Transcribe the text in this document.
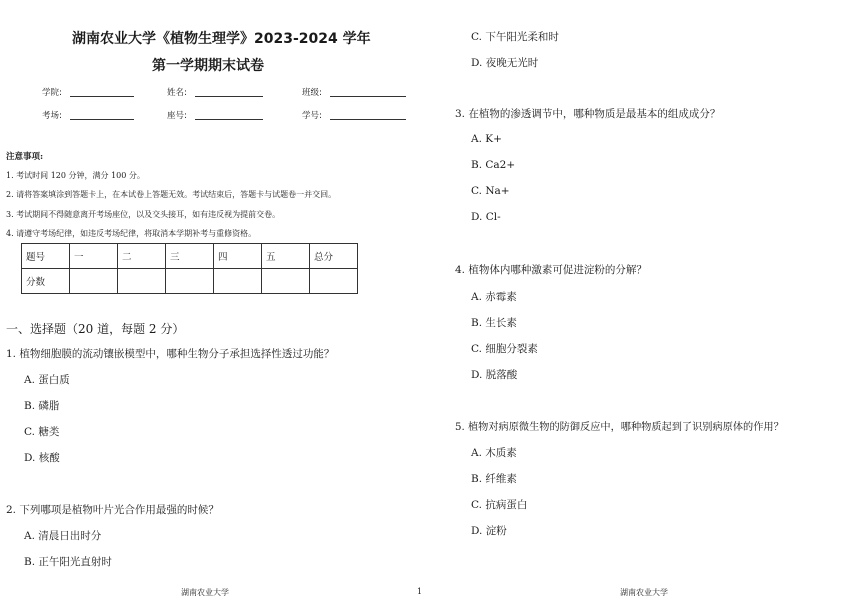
湖南农业大学《植物生理学》2023-2024 学年
第一学期期末试卷
学院:	姓名:	班级:
考场:	座号:	学号:
注意事项:
1. 考试时间 120 分钟，满分 100 分。
2. 请将答案填涂到答题卡上，在本试卷上答题无效。考试结束后，答题卡与试题卷一并交回。
3. 考试期间不得随意离开考场座位，以及交头接耳，如有违反视为提前交卷。
4. 请遵守考场纪律，如违反考场纪律，将取消本学期补考与重修资格。
题号	一	二	三	四	五	总分
分数						
一、选择题（20 道，每题 2 分）
1. 植物细胞膜的流动镶嵌模型中，哪种生物分子承担选择性透过功能？
A. 蛋白质
B. 磷脂
C. 糖类
D. 核酸
2. 下列哪项是植物叶片光合作用最强的时候？
A. 清晨日出时分
B. 正午阳光直射时
C. 下午阳光柔和时
D. 夜晚无光时
3. 在植物的渗透调节中，哪种物质是最基本的组成成分？
A. K+
B. Ca2+
C. Na+
D. Cl-
4. 植物体内哪种激素可促进淀粉的分解？
A. 赤霉素
B. 生长素
C. 细胞分裂素
D. 脱落酸
5. 植物对病原微生物的防御反应中，哪种物质起到了识别病原体的作用？
A. 木质素
B. 纤维素
C. 抗病蛋白
D. 淀粉
湖南农业大学	1	湖南农业大学
